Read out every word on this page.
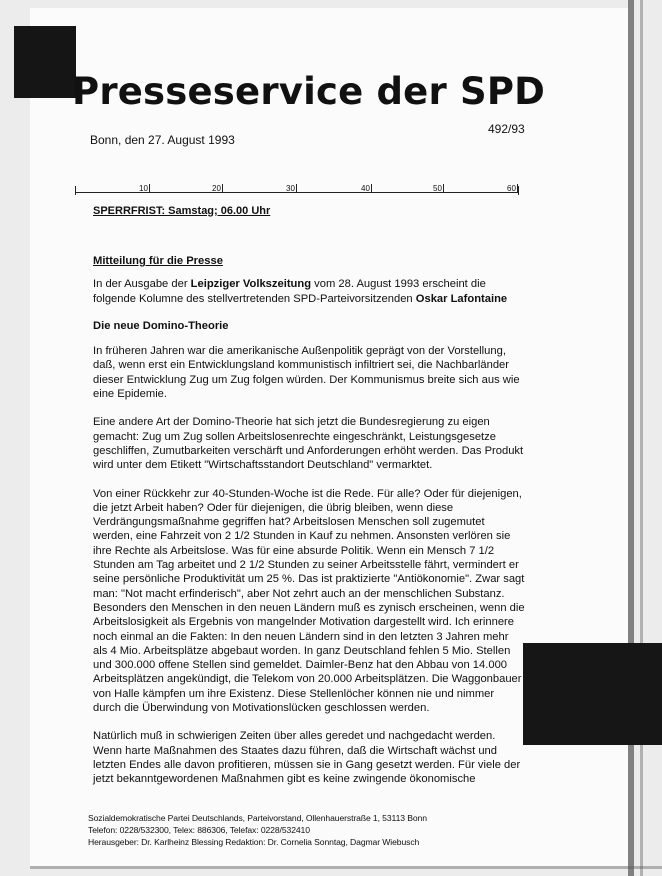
Presseservice der SPD
Bonn, den 27. August 1993
492/93
10	20	30	40	50	60
SPERRFRIST: Samstag; 06.00 Uhr

Mitteilung für die Presse

In der Ausgabe der Leipziger Volkszeitung vom 28. August 1993 erscheint die folgende Kolumne des stellvertretenden SPD-Parteivorsitzenden Oskar Lafontaine

Die neue Domino-Theorie

In früheren Jahren war die amerikanische Außenpolitik geprägt von der Vorstellung, daß, wenn erst ein Entwicklungsland kommunistisch infiltriert sei, die Nachbarländer dieser Entwicklung Zug um Zug folgen würden. Der Kommunismus breite sich aus wie eine Epidemie.

Eine andere Art der Domino-Theorie hat sich jetzt die Bundesregierung zu eigen gemacht: Zug um Zug sollen Arbeitslosenrechte eingeschränkt, Leistungsgesetze geschliffen, Zumutbarkeiten verschärft und Anforderungen erhöht werden. Das Produkt wird unter dem Etikett "Wirtschaftsstandort Deutschland" vermarktet.

Von einer Rückkehr zur 40-Stunden-Woche ist die Rede. Für alle? Oder für diejenigen, die jetzt Arbeit haben? Oder für diejenigen, die übrig bleiben, wenn diese Verdrängungsmaßnahme gegriffen hat? Arbeitslosen Menschen soll zugemutet werden, eine Fahrzeit von 2 1/2 Stunden in Kauf zu nehmen. Ansonsten verlören sie ihre Rechte als Arbeitslose. Was für eine absurde Politik. Wenn ein Mensch 7 1/2 Stunden am Tag arbeitet und 2 1/2 Stunden zu seiner Arbeitsstelle fährt, vermindert er seine persönliche Produktivität um 25 %. Das ist praktizierte "Antiökonomie". Zwar sagt man: "Not macht erfinderisch", aber Not zehrt auch an der menschlichen Substanz. Besonders den Menschen in den neuen Ländern muß es zynisch erscheinen, wenn die Arbeitslosigkeit als Ergebnis von mangelnder Motivation dargestellt wird. Ich erinnere noch einmal an die Fakten: In den neuen Ländern sind in den letzten 3 Jahren mehr als 4 Mio. Arbeitsplätze abgebaut worden. In ganz Deutschland fehlen 5 Mio. Stellen und 300.000 offene Stellen sind gemeldet. Daimler-Benz hat den Abbau von 14.000 Arbeitsplätzen angekündigt, die Telekom von 20.000 Arbeitsplätzen. Die Waggonbauer von Halle kämpfen um ihre Existenz. Diese Stellenlöcher können nie und nimmer durch die Überwindung von Motivationslücken geschlossen werden.

Natürlich muß in schwierigen Zeiten über alles geredet und nachgedacht werden. Wenn harte Maßnahmen des Staates dazu führen, daß die Wirtschaft wächst und letzten Endes alle davon profitieren, müssen sie in Gang gesetzt werden. Für viele der jetzt bekanntgewordenen Maßnahmen gibt es keine zwingende ökonomische

Sozialdemokratische Partei Deutschlands, Parteivorstand, Ollenhauerstraße 1, 53113 Bonn
Telefon: 0228/532300, Telex: 886306, Telefax: 0228/532410
Herausgeber: Dr. Karlheinz Blessing Redaktion: Dr. Cornelia Sonntag, Dagmar Wiebusch
